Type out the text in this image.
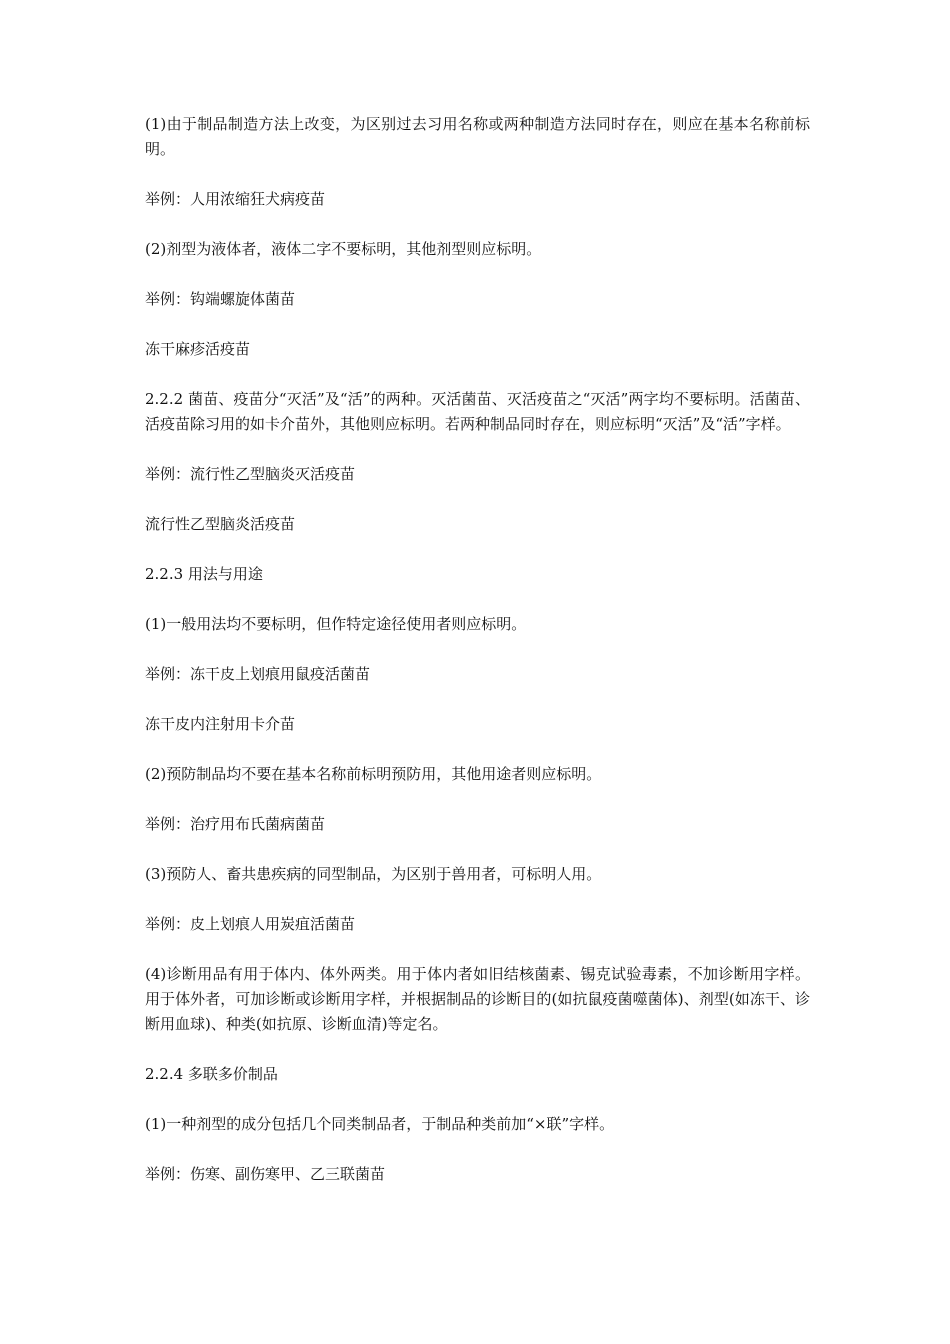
(1)由于制品制造方法上改变，为区别过去习用名称或两种制造方法同时存在，则应在基本名称前标明。

举例：人用浓缩狂犬病疫苗

(2)剂型为液体者，液体二字不要标明，其他剂型则应标明。

举例：钩端螺旋体菌苗

冻干麻疹活疫苗

2.2.2 菌苗、疫苗分“灭活”及“活”的两种。灭活菌苗、灭活疫苗之“灭活”两字均不要标明。活菌苗、活疫苗除习用的如卡介苗外，其他则应标明。若两种制品同时存在，则应标明“灭活”及“活”字样。

举例：流行性乙型脑炎灭活疫苗

流行性乙型脑炎活疫苗

2.2.3 用法与用途

(1)一般用法均不要标明，但作特定途径使用者则应标明。

举例：冻干皮上划痕用鼠疫活菌苗

冻干皮内注射用卡介苗

(2)预防制品均不要在基本名称前标明预防用，其他用途者则应标明。

举例：治疗用布氏菌病菌苗

(3)预防人、畜共患疾病的同型制品，为区别于兽用者，可标明人用。

举例：皮上划痕人用炭疽活菌苗

(4)诊断用品有用于体内、体外两类。用于体内者如旧结核菌素、锡克试验毒素，不加诊断用字样。用于体外者，可加诊断或诊断用字样，并根据制品的诊断目的(如抗鼠疫菌噬菌体)、剂型(如冻干、诊断用血球)、种类(如抗原、诊断血清)等定名。

2.2.4 多联多价制品

(1)一种剂型的成分包括几个同类制品者，于制品种类前加“×联”字样。

举例：伤寒、副伤寒甲、乙三联菌苗
